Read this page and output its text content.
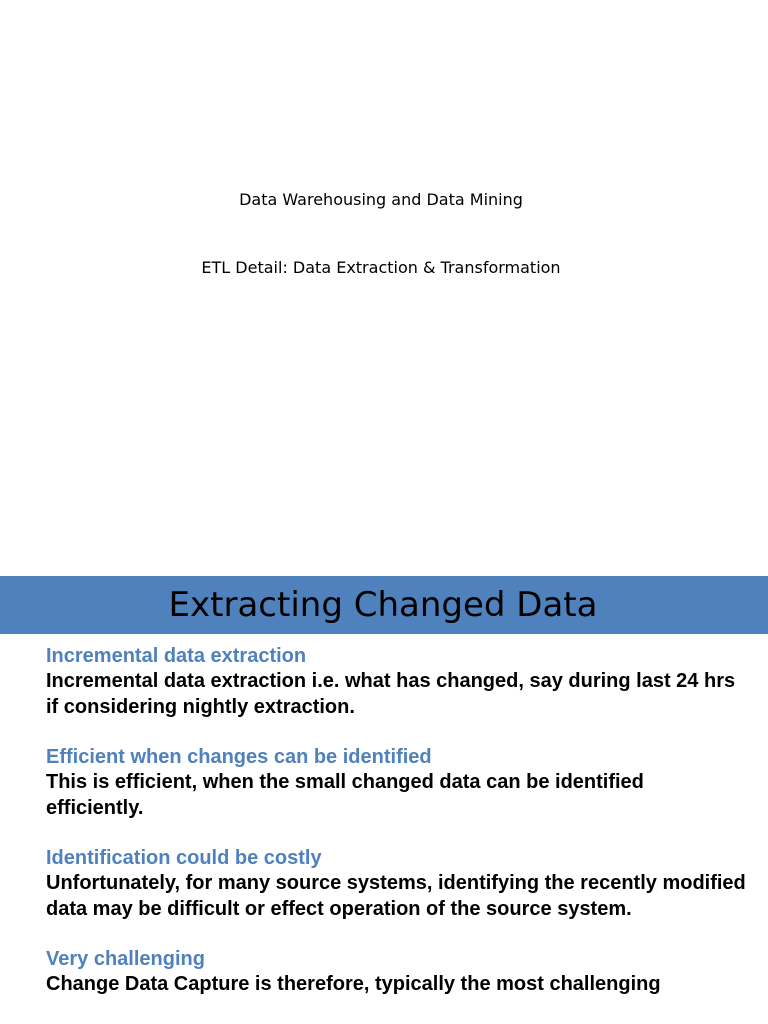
Data Warehousing and Data Mining
ETL Detail: Data Extraction & Transformation
Extracting Changed Data
Incremental data extraction
Incremental data extraction i.e. what has changed, say during last 24 hrs if considering nightly extraction.
Efficient when changes can be identified
This is efficient, when the small changed data can be identified efficiently.
Identification could be costly
Unfortunately, for many source systems, identifying the recently modified data may be difficult or effect operation of the source system.
Very challenging
Change Data Capture is therefore, typically the most challenging
